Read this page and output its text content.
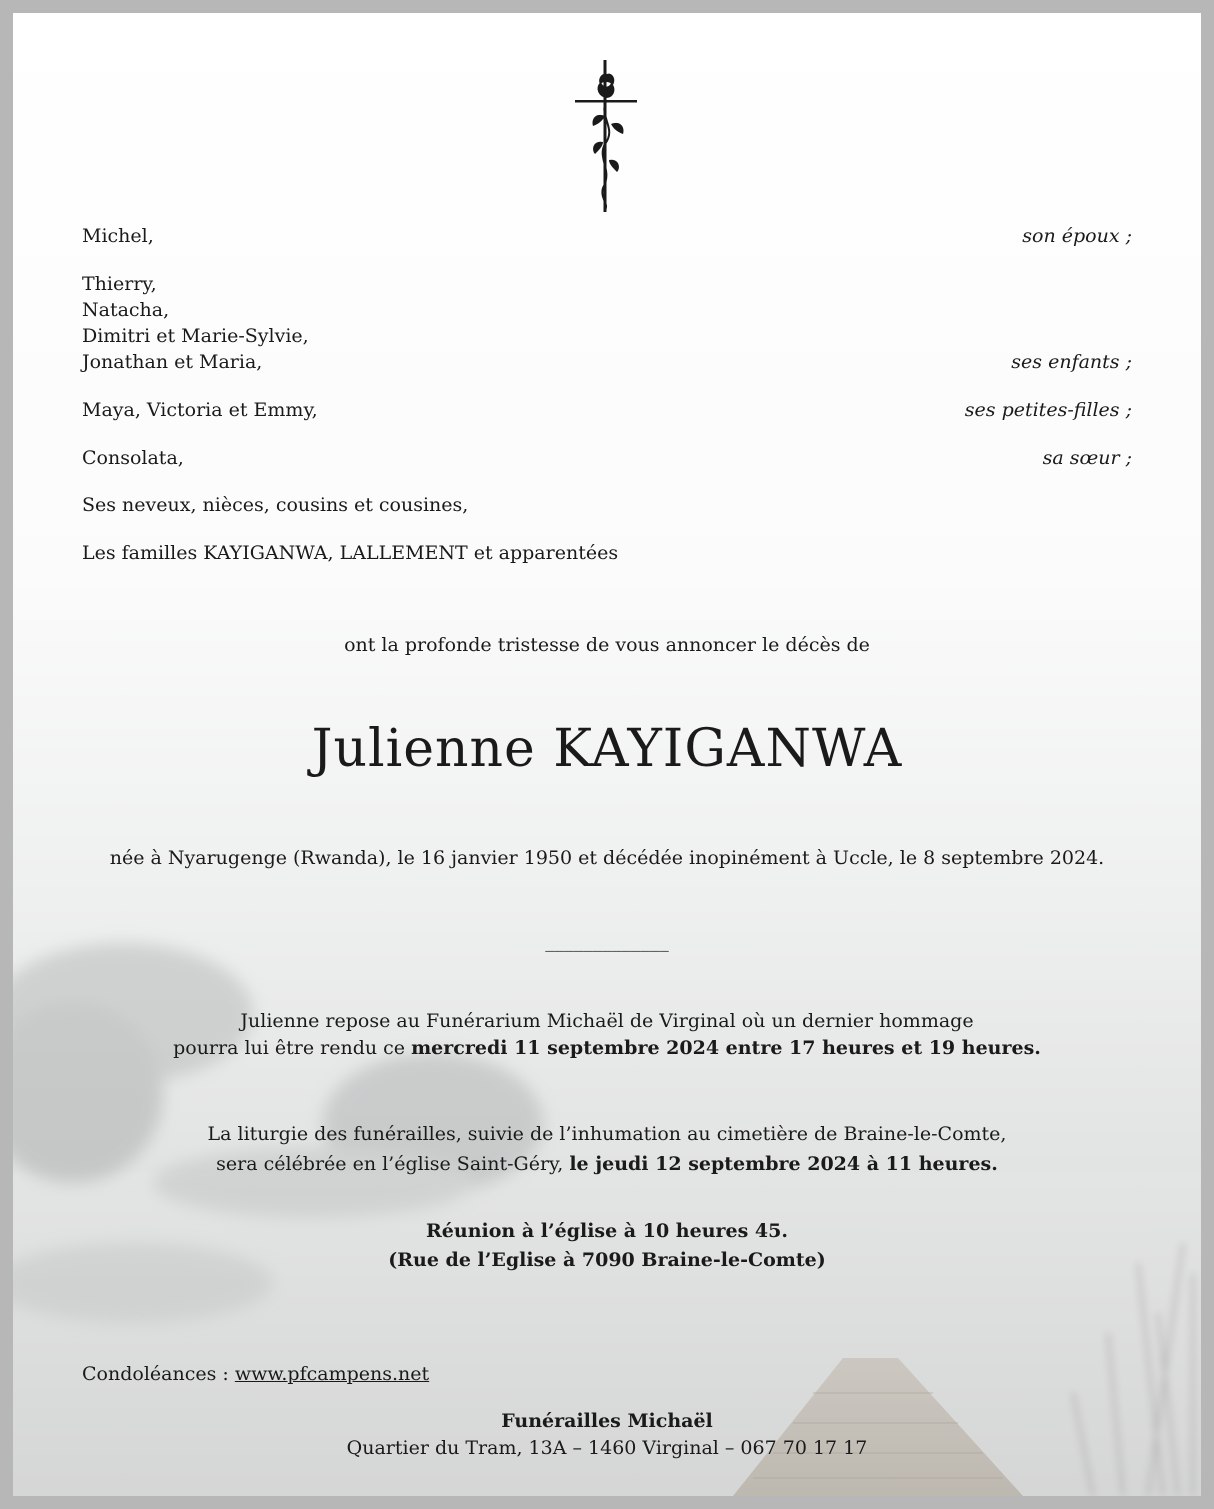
Michel,	son époux ;
Thierry,
Natacha,
Dimitri et Marie-Sylvie,
Jonathan et Maria,	ses enfants ;
Maya, Victoria et Emmy,	ses petites-filles ;
Consolata,	sa sœur ;
Ses neveux, nièces, cousins et cousines,
Les familles KAYIGANWA, LALLEMENT et apparentées
ont la profonde tristesse de vous annoncer le décès de
Julienne KAYIGANWA
née à Nyarugenge (Rwanda), le 16 janvier 1950 et décédée inopinément à Uccle, le 8 septembre 2024.
_____________
Julienne repose au Funérarium Michaël de Virginal où un dernier hommage
pourra lui être rendu ce mercredi 11 septembre 2024 entre 17 heures et 19 heures.
La liturgie des funérailles, suivie de l’inhumation au cimetière de Braine-le-Comte,
sera célébrée en l’église Saint-Géry, le jeudi 12 septembre 2024 à 11 heures.
Réunion à l’église à 10 heures 45.
(Rue de l’Eglise à 7090 Braine-le-Comte)
Condoléances : www.pfcampens.net
Funérailles Michaël
Quartier du Tram, 13A – 1460 Virginal – 067 70 17 17
